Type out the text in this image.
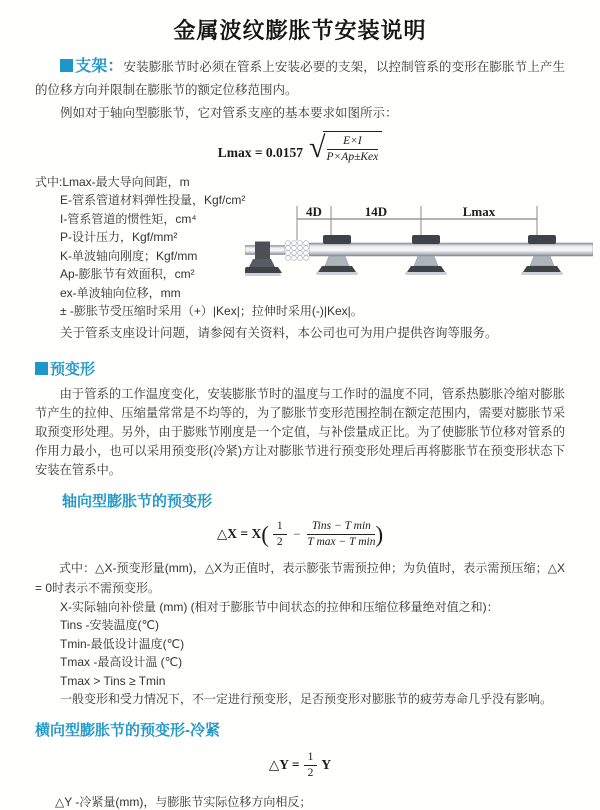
金属波纹膨胀节安装说明

支架：安装膨胀节时必须在管系上安装必要的支架，以控制管系的变形在膨胀节上产生的位移方向并限制在膨胀节的额定位移范围内。

例如对于轴向型膨胀节，它对管系支座的基本要求如图所示：

Lmax = 0.0157 √ $\frac{E\times I}{\text{P×Ap±Kex}}$
式中:Lmax-最大导向间距，m
E-管系管道材料弹性投量，Kgf/cm²
I-管系管道的惯性矩，cm⁴
P-设计压力，Kgf/mm²
K-单波轴向刚度；Kgf/mm
Ap-膨胀节有效面积，cm²
ex-单波轴向位移，mm
± -膨胀节受压缩时采用（+）|Kex|；拉伸时采用(-)|Kex|。
4D	14D	Lmax

关于管系支座设计问题，请参阅有关资料，本公司也可为用户提供咨询等服务。

预变形

由于管系的工作温度变化，安装膨胀节时的温度与工作时的温度不同，管系热膨胀冷缩对膨胀节产生的拉伸、压缩量常常是不均等的，为了膨胀节变形范围控制在额定范围内，需要对膨胀节采取预变形处理。另外，由于膨账节刚度是一个定值，与补偿量成正比。为了使膨胀节位移对管系的作用力最小，也可以采用预变形(冷紧)方让对膨胀节进行预变形处理后再将膨胀节在预变形状态下安装在管系中。

轴向型膨胀节的预变形
△X = $X( \frac{1}{2} - \frac{\text{Tins − T min}}{\text{T max − T min}}$ )

式中：△X-预变形量(mm)，△X为正值时，表示膨张节需预拉伸；为负值时，表示需预压缩；△X = 0时表示不需预变形。

X-实际轴向补偿量 (mm) (相对于膨胀节中间状态的拉伸和压缩位移量绝对值之和)：
Tins -安装温度(℃)
Tmin-最低设计温度(℃)
Tmax -最高设计温 (℃)
Tmax > Tins ≥ Tmin
一般变形和受力情况下，不一定进行预变形，足否预变形对膨胀节的疲劳寿命几乎没有影响。
横向型膨胀节的预变形-冷紧
△Y = $\frac{1}{2}$ Y
△Y -冷紧量(mm)，与膨胀节实际位移方向相反；
